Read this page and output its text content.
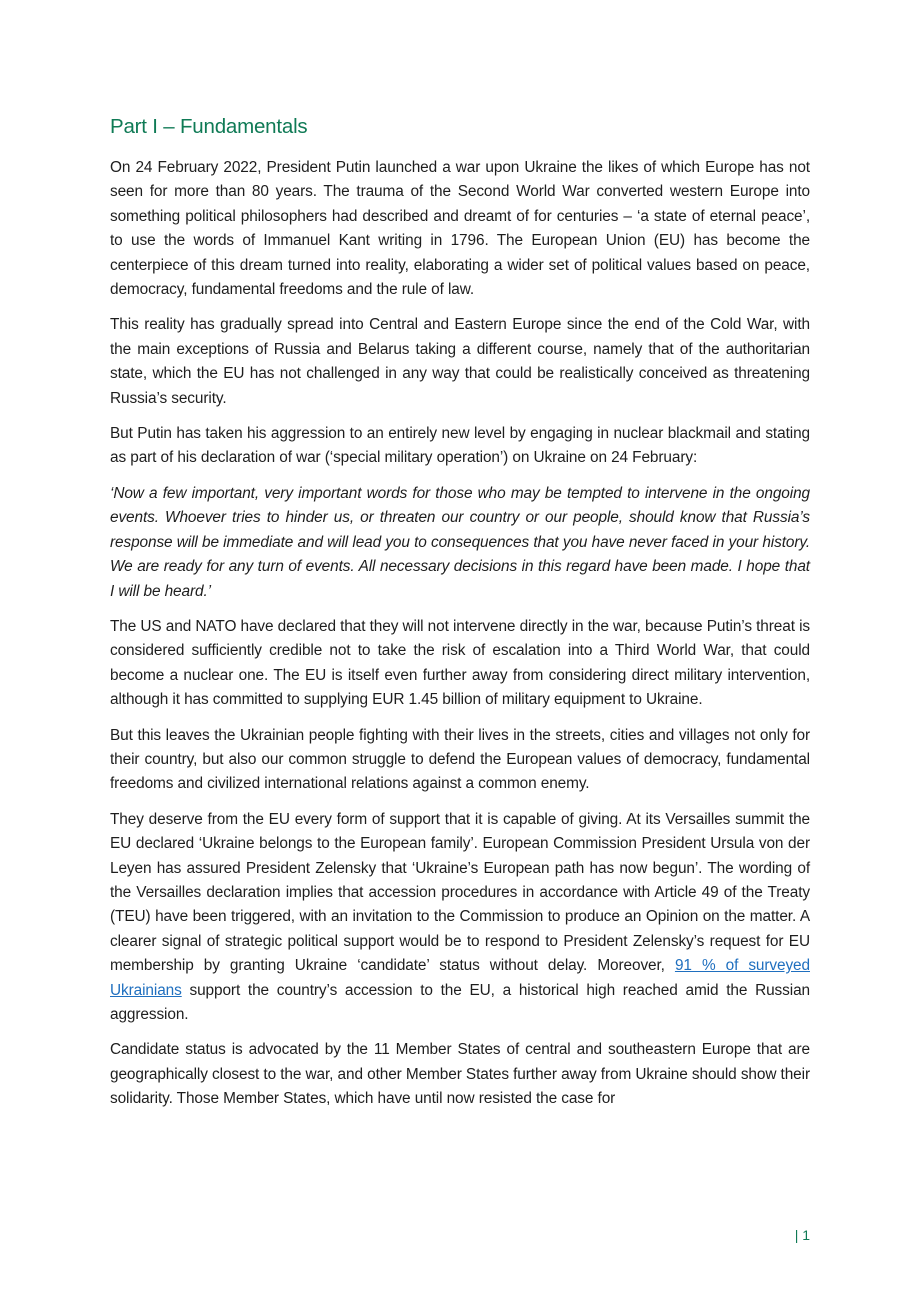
Part I – Fundamentals

On 24 February 2022, President Putin launched a war upon Ukraine the likes of which Europe has not seen for more than 80 years. The trauma of the Second World War converted western Europe into something political philosophers had described and dreamt of for centuries – ‘a state of eternal peace’, to use the words of Immanuel Kant writing in 1796. The European Union (EU) has become the centerpiece of this dream turned into reality, elaborating a wider set of political values based on peace, democracy, fundamental freedoms and the rule of law.

This reality has gradually spread into Central and Eastern Europe since the end of the Cold War, with the main exceptions of Russia and Belarus taking a different course, namely that of the authoritarian state, which the EU has not challenged in any way that could be realistically conceived as threatening Russia’s security.

But Putin has taken his aggression to an entirely new level by engaging in nuclear blackmail and stating as part of his declaration of war (‘special military operation’) on Ukraine on 24 February:

‘Now a few important, very important words for those who may be tempted to intervene in the ongoing events. Whoever tries to hinder us, or threaten our country or our people, should know that Russia’s response will be immediate and will lead you to consequences that you have never faced in your history. We are ready for any turn of events. All necessary decisions in this regard have been made. I hope that I will be heard.’

The US and NATO have declared that they will not intervene directly in the war, because Putin’s threat is considered sufficiently credible not to take the risk of escalation into a Third World War, that could become a nuclear one. The EU is itself even further away from considering direct military intervention, although it has committed to supplying EUR 1.45 billion of military equipment to Ukraine.

But this leaves the Ukrainian people fighting with their lives in the streets, cities and villages not only for their country, but also our common struggle to defend the European values of democracy, fundamental freedoms and civilized international relations against a common enemy.

They deserve from the EU every form of support that it is capable of giving. At its Versailles summit the EU declared ‘Ukraine belongs to the European family’. European Commission President Ursula von der Leyen has assured President Zelensky that ‘Ukraine’s European path has now begun’. The wording of the Versailles declaration implies that accession procedures in accordance with Article 49 of the Treaty (TEU) have been triggered, with an invitation to the Commission to produce an Opinion on the matter. A clearer signal of strategic political support would be to respond to President Zelensky’s request for EU membership by granting Ukraine ‘candidate’ status without delay. Moreover, 91 % of surveyed Ukrainians support the country’s accession to the EU, a historical high reached amid the Russian aggression.

Candidate status is advocated by the 11 Member States of central and southeastern Europe that are geographically closest to the war, and other Member States further away from Ukraine should show their solidarity. Those Member States, which have until now resisted the case for

| 1
